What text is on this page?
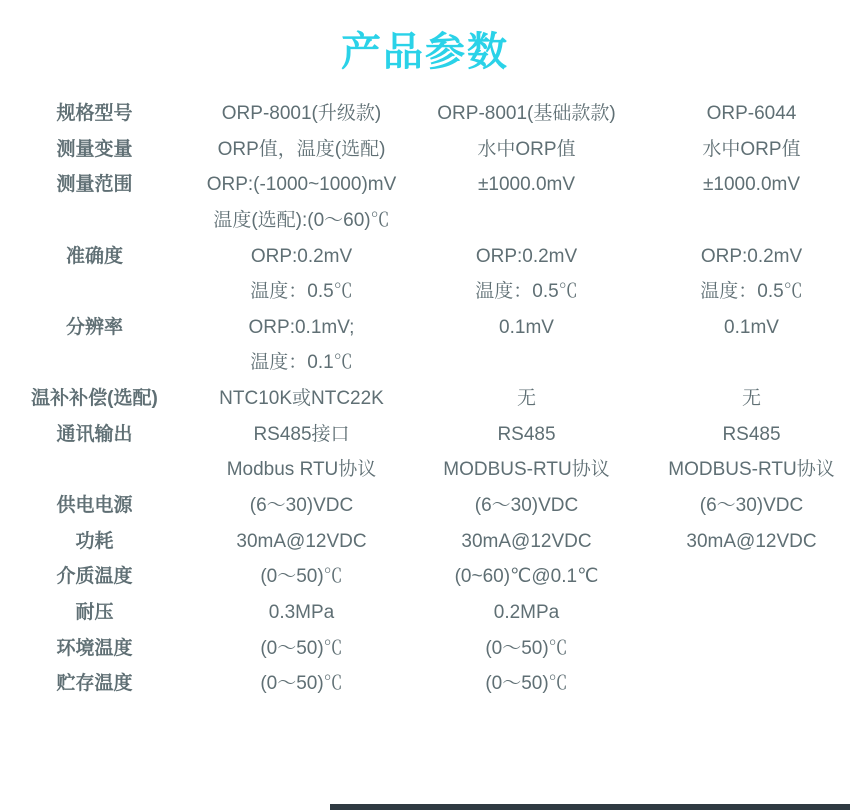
产品参数
规格型号	ORP-8001(升级款)	ORP-8001(基础款款)	ORP-6044
测量变量	ORP值，温度(选配)	水中ORP值	水中ORP值
测量范围	ORP:(-1000~1000)mV	±1000.0mV	±1000.0mV
	温度(选配):(0～60)℃		
准确度	ORP:0.2mV	ORP:0.2mV	ORP:0.2mV
	温度：0.5℃	温度：0.5℃	温度：0.5℃
分辨率	ORP:0.1mV;	0.1mV	0.1mV
	温度：0.1℃		
温补补偿(选配)	NTC10K或NTC22K	无	无
通讯输出	RS485接口	RS485	RS485
	Modbus RTU协议	MODBUS-RTU协议	MODBUS-RTU协议
供电电源	(6～30)VDC	(6～30)VDC	(6～30)VDC
功耗	30mA@12VDC	30mA@12VDC	30mA@12VDC
介质温度	(0～50)℃	(0~60)℃@0.1℃	
耐压	0.3MPa	0.2MPa	
环境温度	(0～50)℃	(0～50)℃	
贮存温度	(0～50)℃	(0～50)℃	
